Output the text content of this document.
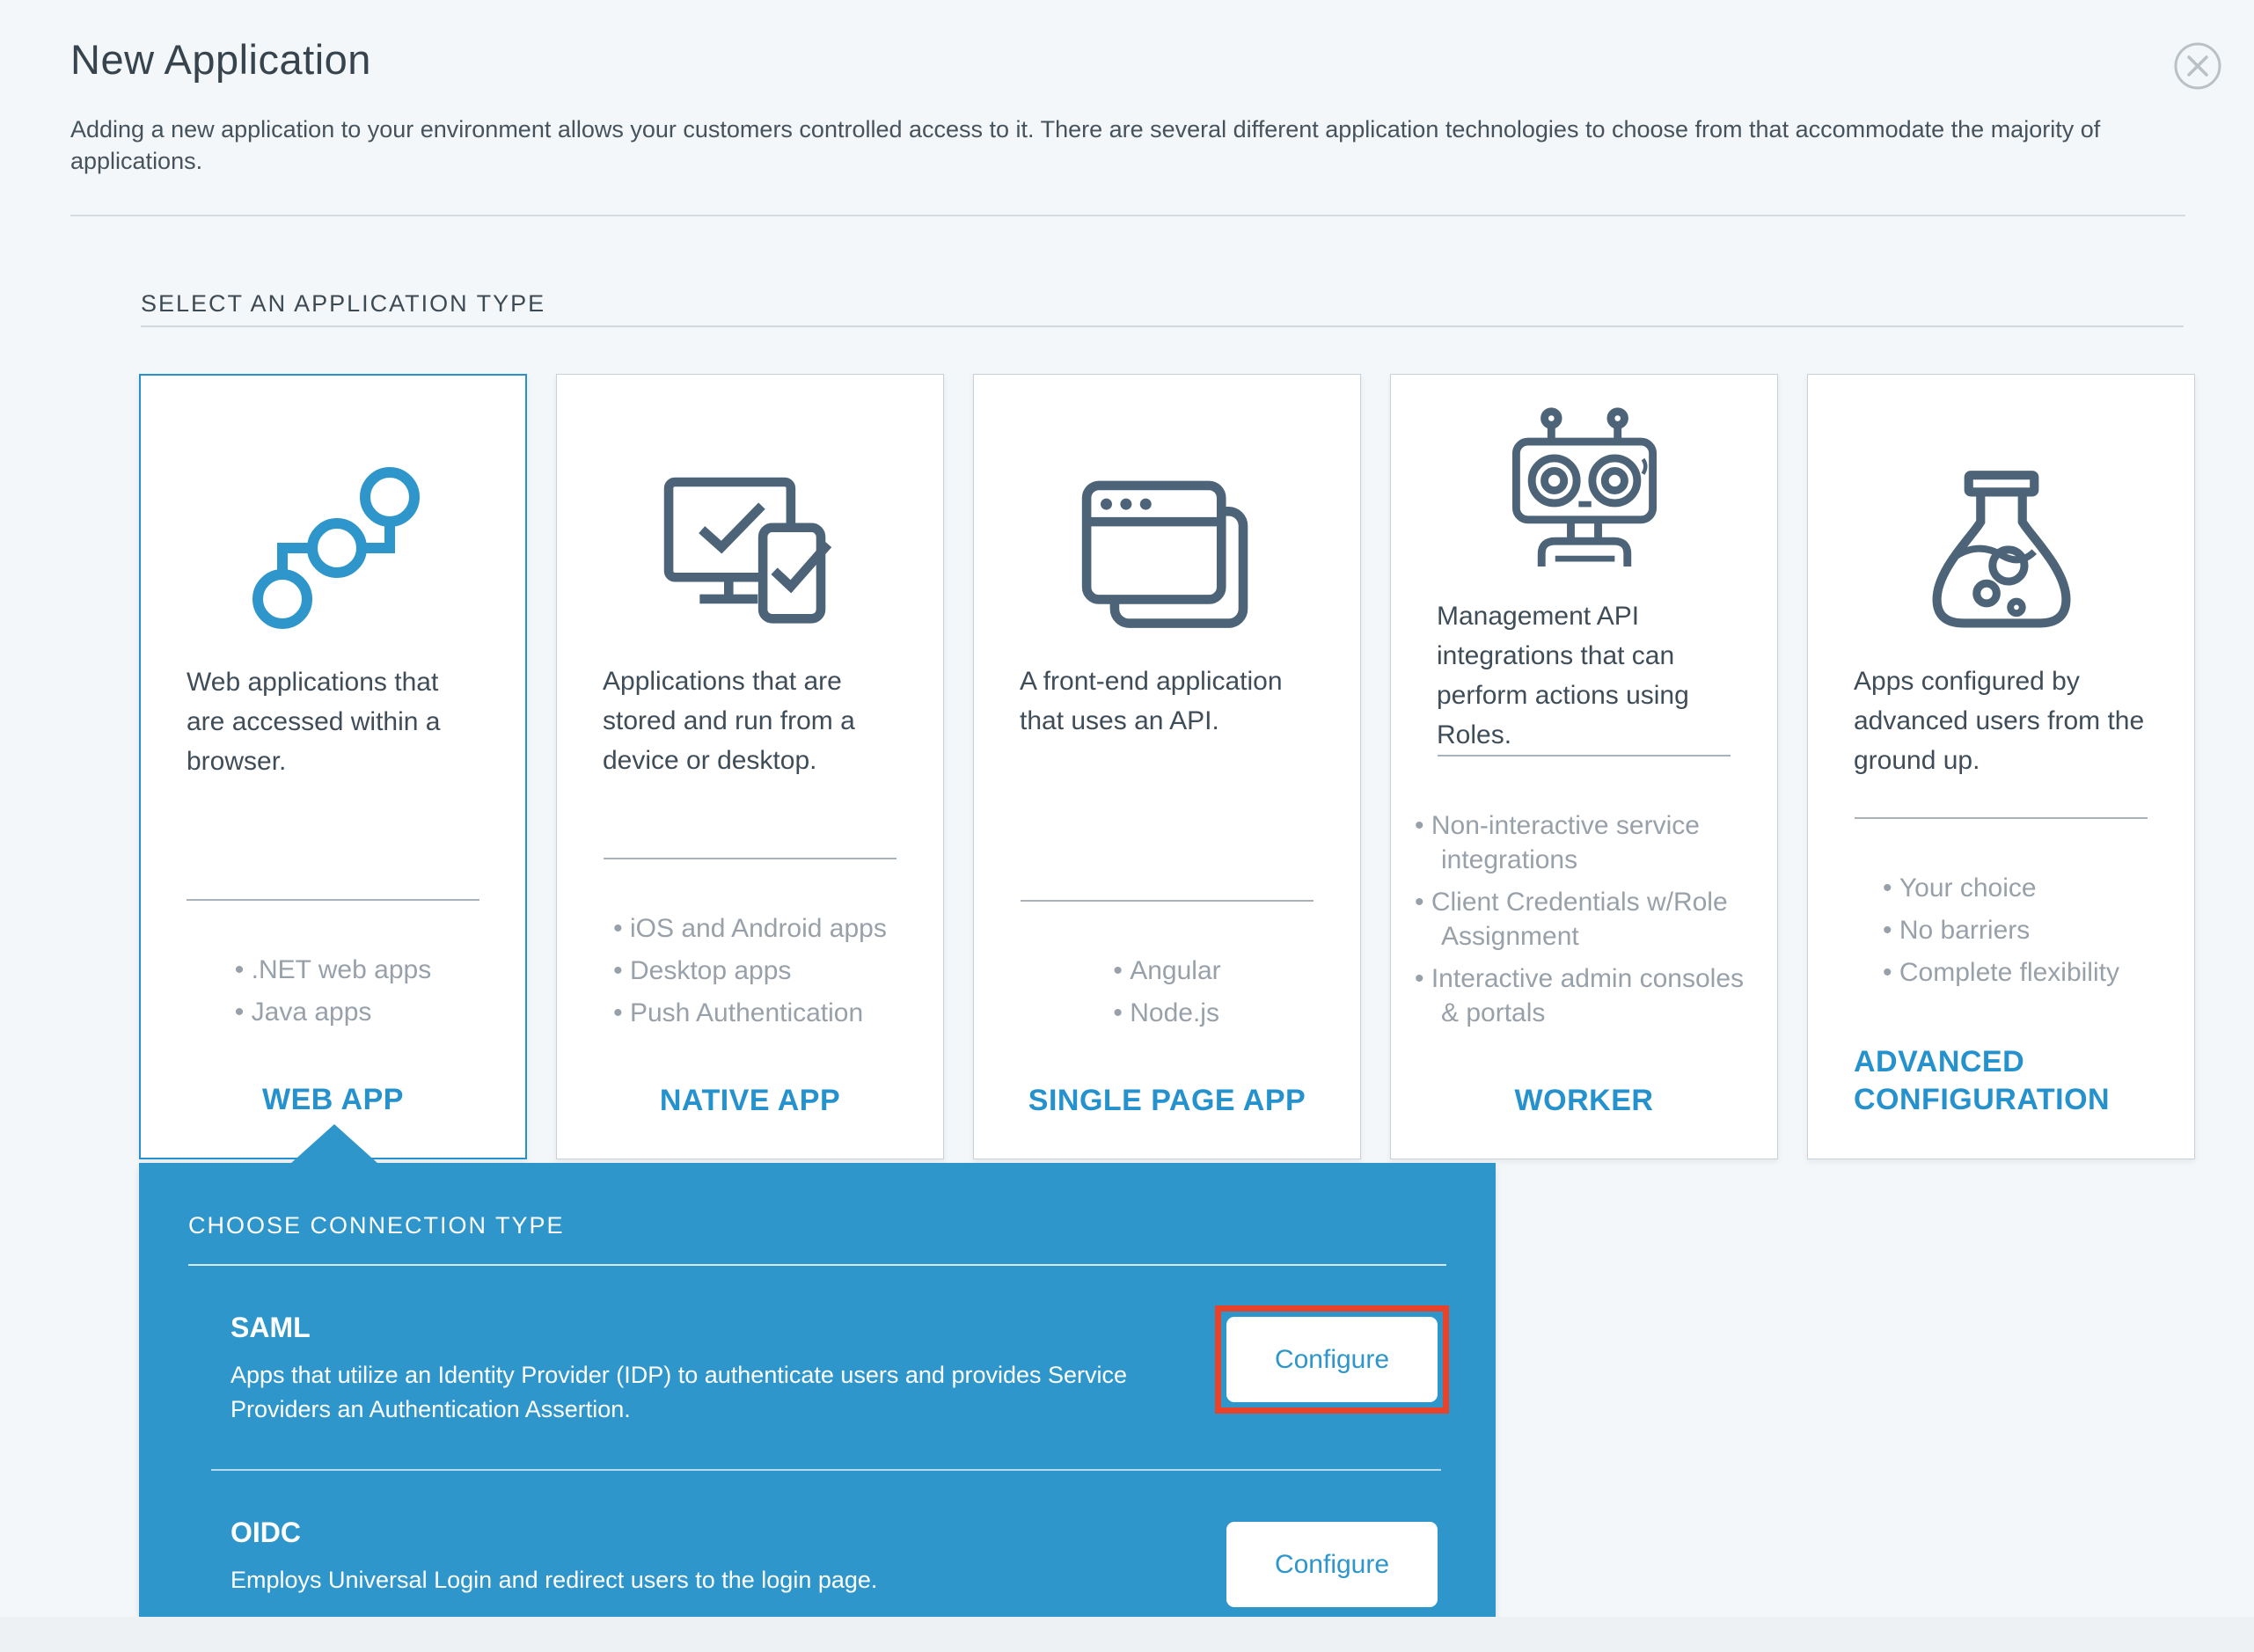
New Application

Adding a new application to your environment allows your customers controlled access to it. There are several different application technologies to choose from that accommodate the majority of applications.

SELECT AN APPLICATION TYPE

Web applications that are accessed within a browser.

• .NET web apps
• Java apps
WEB APP

Applications that are stored and run from a device or desktop.

• iOS and Android apps
• Desktop apps
• Push Authentication
NATIVE APP

A front-end application that uses an API.

• Angular
• Node.js
SINGLE PAGE APP

Management API integrations that can perform actions using Roles.

• Non-interactive service integrations
• Client Credentials w/Role Assignment
• Interactive admin consoles & portals
WORKER

Apps configured by advanced users from the ground up.

• Your choice
• No barriers
• Complete flexibility
ADVANCED CONFIGURATION
CHOOSE CONNECTION TYPE
SAML
Apps that utilize an Identity Provider (IDP) to authenticate users and provides Service Providers an Authentication Assertion.
Configure
OIDC
Employs Universal Login and redirect users to the login page.
Configure
